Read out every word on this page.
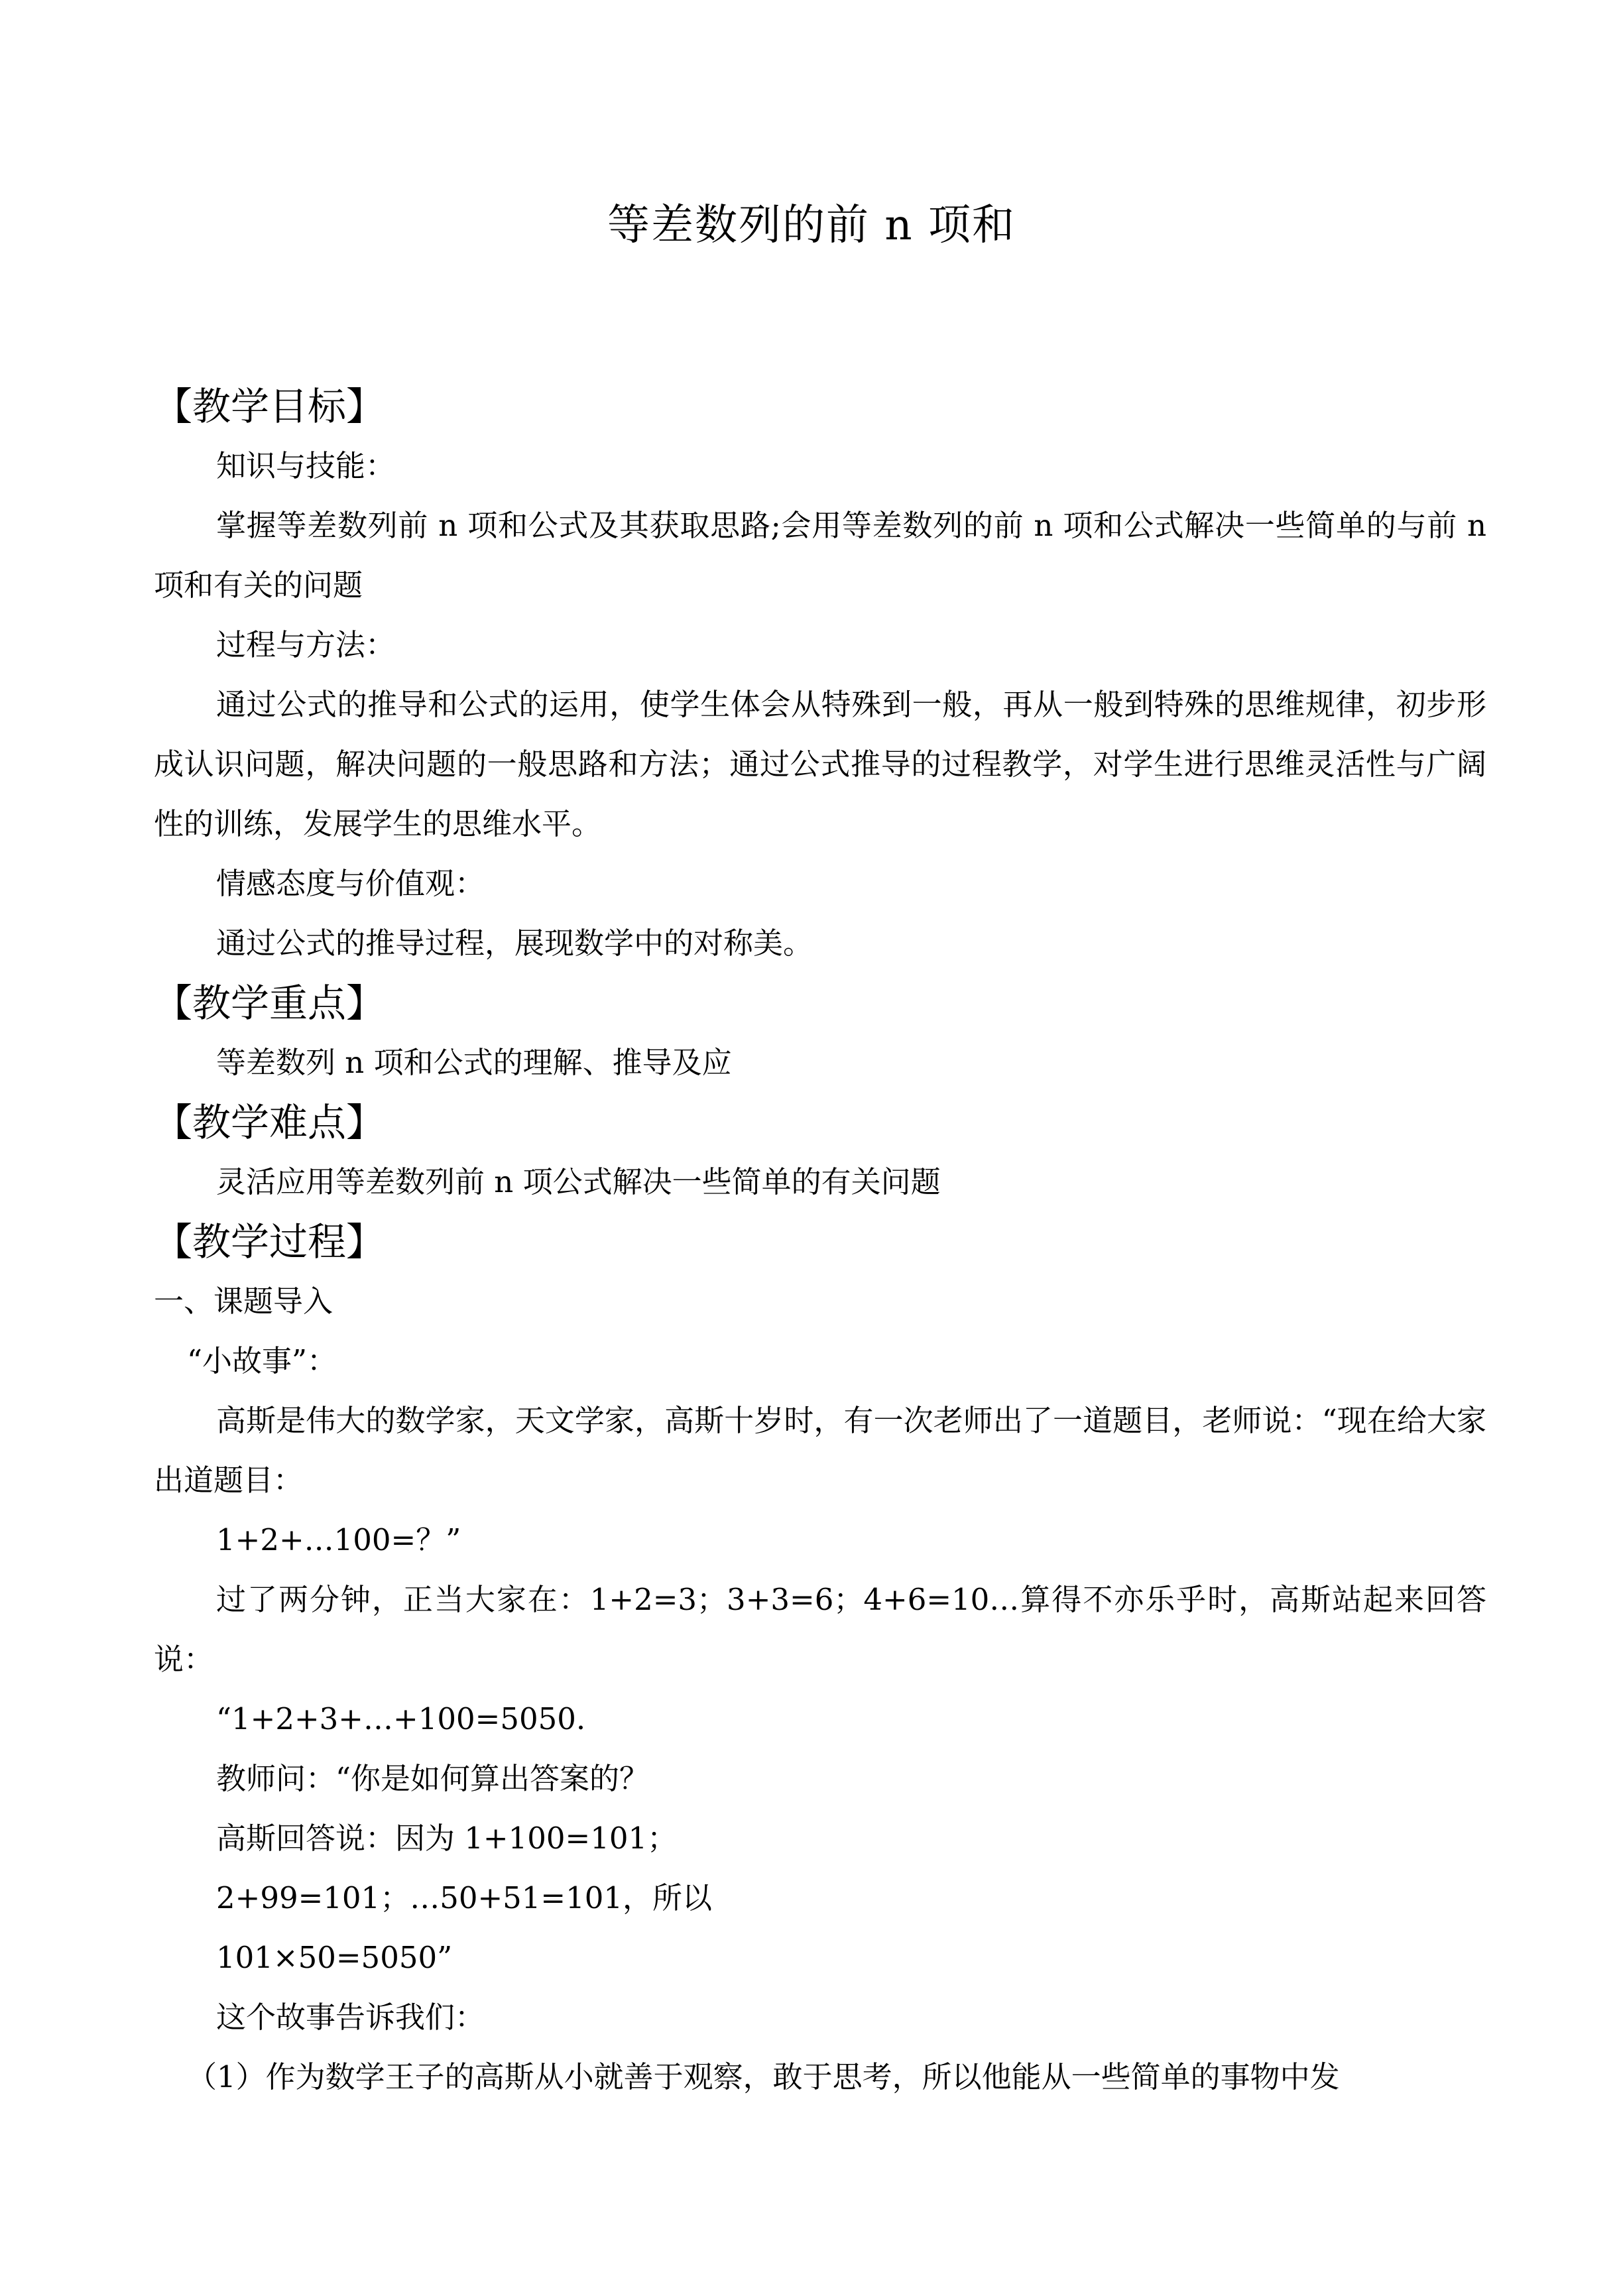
等差数列的前 n 项和

【教学目标】

知识与技能：

掌握等差数列前 n 项和公式及其获取思路;会用等差数列的前 n 项和公式解决一些简单的与前 n 项和有关的问题

过程与方法：

通过公式的推导和公式的运用，使学生体会从特殊到一般，再从一般到特殊的思维规律，初步形成认识问题，解决问题的一般思路和方法；通过公式推导的过程教学，对学生进行思维灵活性与广阔性的训练，发展学生的思维水平。

情感态度与价值观：

通过公式的推导过程，展现数学中的对称美。

【教学重点】

等差数列 n 项和公式的理解、推导及应

【教学难点】

灵活应用等差数列前 n 项公式解决一些简单的有关问题

【教学过程】

一、课题导入

“小故事”：

高斯是伟大的数学家，天文学家，高斯十岁时，有一次老师出了一道题目，老师说：“现在给大家出道题目：

1+2+…100=？”

过了两分钟，正当大家在：1+2=3；3+3=6；4+6=10…算得不亦乐乎时，高斯站起来回答说：

“1+2+3+…+100=5050.

教师问：“你是如何算出答案的？

高斯回答说：因为 1+100=101；

2+99=101；…50+51=101，所以

101×50=5050”

这个故事告诉我们：

（1）作为数学王子的高斯从小就善于观察，敢于思考，所以他能从一些简单的事物中发
